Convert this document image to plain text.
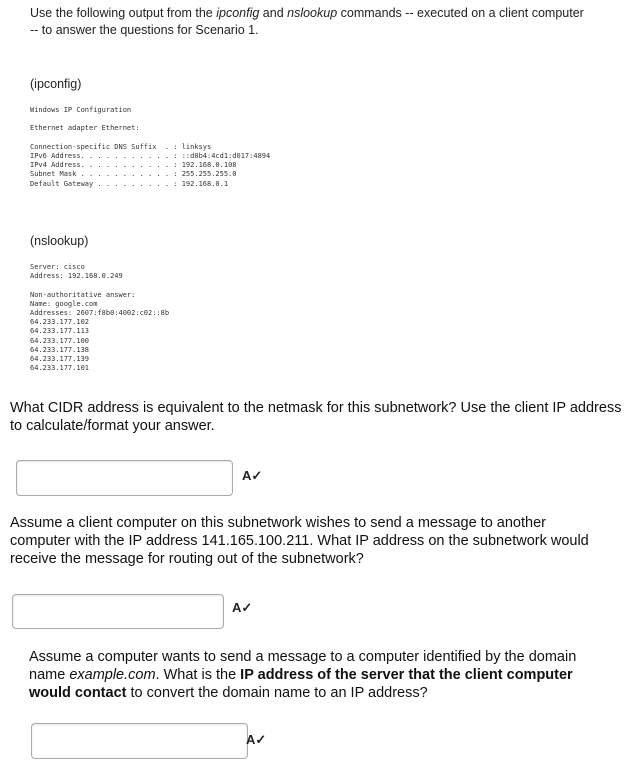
Use the following output from the ipconfig and nslookup commands -- executed on a client computer -- to answer the questions for Scenario 1.
(ipconfig)
Windows IP Configuration
Ethernet adapter Ethernet:
Connection-specific DNS Suffix  . : linksys
IPv6 Address. . . . . . . . . . . : ::d0b4:4cd1:d017:4894
IPv4 Address. . . . . . . . . . . : 192.168.0.108
Subnet Mask . . . . . . . . . . . : 255.255.255.0
Default Gateway . . . . . . . . . : 192.168.0.1
(nslookup)
Server: cisco
Address: 192.168.0.249
Non-authoritative answer:
Name: google.com
Addresses: 2607:f8b0:4002:c02::8b
64.233.177.102
64.233.177.113
64.233.177.100
64.233.177.138
64.233.177.139
64.233.177.101
What CIDR address is equivalent to the netmask for this subnetwork? Use the client IP address to calculate/format your answer.
A✓
Assume a client computer on this subnetwork wishes to send a message to another computer with the IP address 141.165.100.211. What IP address on the subnetwork would receive the message for routing out of the subnetwork?
A✓
Assume a computer wants to send a message to a computer identified by the domain name example.com. What is the IP address of the server that the client computer would contact to convert the domain name to an IP address?
A✓
